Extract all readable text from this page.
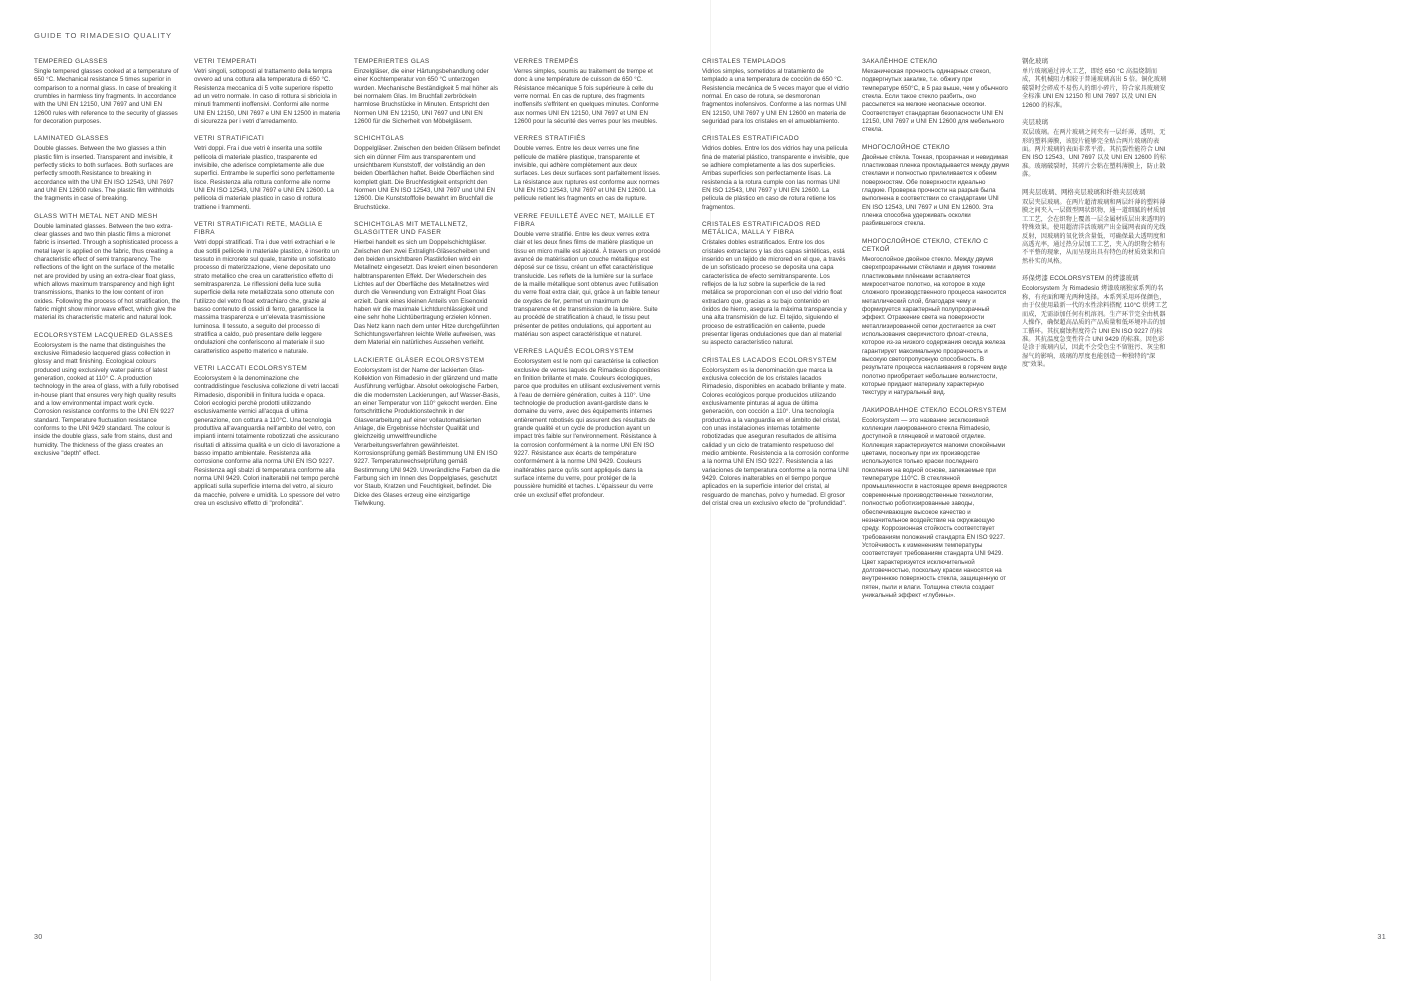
GUIDE TO RIMADESIO QUALITY
TEMPERED GLASSES
Single tempered glasses cooked at a temperature of 650 °C. Mechanical resistance 5 times superior in comparison to a normal glass. In case of breaking it crumbles in harmless tiny fragments. In accordance with the UNI EN 12150, UNI 7697 and UNI EN 12600 rules with reference to the security of glasses for decoration purposes.
LAMINATED GLASSES
Double glasses. Between the two glasses a thin plastic film is inserted. Transparent and invisible, it perfectly sticks to both surfaces. Both surfaces are perfectly smooth.Resistance to breaking in accordance with the UNI EN ISO 12543, UNI 7697 and UNI EN 12600 rules. The plastic film withholds the fragments in case of breaking.
GLASS WITH METAL NET AND MESH
Double laminated glasses. Between the two extra-clear glasses and two thin plastic films a micronet fabric is inserted. Through a sophisticated process a metal layer is applied on the fabric, thus creating a characteristic effect of semi transparency. The reflections of the light on the surface of the metallic net are provided by using an extra-clear float glass, which allows maximum transparency and high light transmissions, thanks to the low content of iron oxides. Following the process of hot stratification, the fabric might show minor wave effect, which give the material its characteristic materic and natural look.
ECOLORSYSTEM LACQUERED GLASSES
Ecolorsystem is the name that distinguishes the exclusive Rimadesio lacquered glass collection in glossy and matt finishing. Ecological colours produced using exclusively water paints of latest generation, cooked at 110° C. A production technology in the area of glass, with a fully robotised in-house plant that ensures very high quality results and a low environmental impact work cycle. Corrosion resistance conforms to the UNI EN 9227 standard. Temperature fluctuation resistance conforms to the UNI 9429 standard. The colour is inside the double glass, safe from stains, dust and humidity. The thickness of the glass creates an exclusive "depth" effect.
VETRI TEMPERATI
Vetri singoli, sottoposti al trattamento della tempra ovvero ad una cottura alla temperatura di 650 °C. Resistenza meccanica di 5 volte superiore rispetto ad un vetro normale. In caso di rottura si sbriciola in minuti frammenti inoffensivi. Conformi alle norme UNI EN 12150, UNI 7697 e UNI EN 12500 in materia di sicurezza per i vetri d'arredamento.
VETRI STRATIFICATI
Vetri doppi. Fra i due vetri è inserita una sottile pellicola di materiale plastico, trasparente ed invisibile, che aderisce completamente alle due superfici. Entrambe le superfici sono perfettamente lisce. Resistenza alla rottura conforme alle norme UNI EN ISO 12543, UNI 7697 e UNI EN 12600. La pellicola di materiale plastico in caso di rottura trattiene i frammenti.
VETRI STRATIFICATI RETE, MAGLIA E FIBRA
Vetri doppi stratificati. Tra i due vetri extrachiari e le due sottili pellicole in materiale plastico, è inserito un tessuto in microrete sul quale, tramite un sofisticato processo di materizzazione, viene depositato uno strato metallico che crea un caratteristico effetto di semitrasparenza. Le riflessioni della luce sulla superficie della rete metallizzata sono ottenute con l'utilizzo del vetro float extrachiaro che, grazie al basso contenuto di ossidi di ferro, garantisce la massima trasparenza e un'elevata trasmissione luminosa. Il tessuto, a seguito del processo di stratifica a caldo, può presentare delle leggere ondulazioni che conferiscono al materiale il suo caratteristico aspetto materico e naturale.
VETRI LACCATI ECOLORSYSTEM
Ecolorsystem è la denominazione che contraddistingue l'esclusiva collezione di vetri laccati Rimadesio, disponibili in finitura lucida e opaca. Colori ecologici perchè prodotti utilizzando esclusivamente vernici all'acqua di ultima generazione, con cottura a 110°C. Una tecnologia produttiva all'avanguardia nell'ambito del vetro, con impianti interni totalmente robotizzati che assicurano risultati di altissima qualità e un ciclo di lavorazione a basso impatto ambientale. Resistenza alla corrosione conforme alla norma UNI EN ISO 9227. Resistenza agli sbalzi di temperatura conforme alla norma UNI 9429. Colori inalterabili nel tempo perchè applicati sulla superficie interna del vetro, al sicuro da macchie, polvere e umidità. Lo spessore del vetro crea un esclusivo effetto di "profondità".
TEMPERIERTES GLAS
Einzelgläser, die einer Härtungsbehandlung oder einer Kochtemperatur von 650 °C unterzogen wurden. Mechanische Beständigkeit 5 mal höher als bei normalem Glas. Im Bruchfall zerbröckeln harmlose Bruchstücke in Minuten. Entspricht den Normen UNI EN 12150, UNI 7697 und UNI EN 12600 für die Sicherheit von Möbelgläsern.
SCHICHTGLAS
Doppelgläser. Zwischen den beiden Gläsern befindet sich ein dünner Film aus transparentem und unsichtbarem Kunststoff, der vollständig an den beiden Oberflächen haftet. Beide Oberflächen sind komplett glatt. Die Bruchfestigkeit entspricht den Normen UNI EN ISO 12543, UNI 7697 und UNI EN 12600. Die Kunststofffolie bewahrt im Bruchfall die Bruchstücke.
SCHICHTGLAS MIT METALLNETZ, GLASGITTER UND FASER
Hierbei handelt es sich um Doppelschichtgläser. Zwischen den zwei Extralight-Gläsescheiben und den beiden unsichtbaren Plastikfolien wird ein Metallnetz eingesetzt. Das kreiert einen besonderen halbtransparenten Effekt. Der Wiederschein des Lichtes auf der Oberfläche des Metallnetzes wird durch die Verwendung von Extralight Float Glas erzielt. Dank eines kleinen Anteils von Eisenoxid haben wir die maximale Lichtdurchlässigkeit und eine sehr hohe Lichtübertragung erzielen können. Das Netz kann nach dem unter Hitze durchgeführten Schichtungsverfahren leichte Welle aufweisen, was dem Material ein natürliches Aussehen verleiht.
LACKIERTE GLÄSER ECOLORSYSTEM
Ecolorsystem ist der Name der lackierten Glas-Kollektion von Rimadesio in der glänzend und matte Ausführung verfügbar. Absolut oekologische Farben, die die modernsten Lackierungen, auf Wasser-Basis, an einer Temperatur von 110° gekocht werden. Eine fortschrittliche Produktionstechnik in der Glasverarbeitung auf einer vollautomatisierten Anlage, die Ergebnisse höchster Qualität und gleichzeitig umweltfreundliche Verarbeitungsverfahren gewährleistet. Korrosionsprüfung gemäß Bestimmung UNI EN ISO 9227. Temperaturwechselprüfung gemäß Bestimmung UNI 9429. Unverändliche Farben da die Farbung sich im Innen des Doppelglases, geschutzt vor Staub, Kratzen und Feuchtigkeit, befindet. Die Dicke des Glases erzeug eine einzigartige Tiefwikung.
VERRES TREMPÉS
Verres simples, soumis au traitement de trempe et donc à une température de cuisson de 650 °C. Résistance mécanique 5 fois supérieure à celle du verre normal. En cas de rupture, des fragments inoffensifs s'effritent en quelques minutes. Conforme aux normes UNI EN 12150, UNI 7697 et UNI EN 12600 pour la sécurité des verres pour les meubles.
VERRES STRATIFIÉS
Double verres. Entre les deux verres une fine pellicule de matière plastique, transparente et invisible, qui adhère complètement aux deux surfaces. Les deux surfaces sont parfaitement lisses. La résistance aux ruptures est conforme aux normes UNI EN ISO 12543, UNI 7697 et UNI EN 12600. La pellicule retient les fragments en cas de rupture.
VERRE FEUILLETÉ AVEC NET, MAILLE ET FIBRA
Double verre stratifié. Entre les deux verres extra clair et les deux fines films de matière plastique un tissu en micro maille est ajouté. À travers un procédé avancé de matérisation un couche métallique est déposé sur ce tissu, créant un effet caractéristique translucide. Les reflets de la lumière sur la surface de la maille métallique sont obtenus avec l'utilisation du verre float extra clair, qui, grâce à un faible teneur de oxydes de fer, permet un maximum de transparence et de transmission de la lumière. Suite au procédé de stratification à chaud, le tissu peut présenter de petites ondulations, qui apportent au matériau son aspect caractéristique et naturel.
VERRES LAQUÉS ECOLORSYSTEM
Ecolorsystem est le nom qui caractérise la collection exclusive de verres laqués de Rimadesio disponibles en finition brillante et mate. Couleurs écologiques, parce que produites en utilisant exclusivement vernis à l'eau de dernière génération, cuites à 110°. Une technologie de production avant-gardiste dans le domaine du verre, avec des équipements internes entièrement robotisés qui assurent des résultats de grande qualité et un cycle de production ayant un impact très faible sur l'environnement. Résistance à la corrosion conformément à la norme UNI EN ISO 9227. Résistance aux écarts de température conformément à la norme UNI 9429. Couleurs inaltérables parce qu'ils sont appliqués dans la surface interne du verre, pour protéger de la poussière humidité et taches. L'épaisseur du verre crée un exclusif effet profondeur.
CRISTALES TEMPLADOS
Vidrios simples, sometidos al tratamiento de templado a una temperatura de cocción de 650 °C. Resistencia mecánica de 5 veces mayor que el vidrio normal. En caso de rotura, se desmoronan fragmentos inofensivos. Conforme a las normas UNI EN 12150, UNI 7697 y UNI EN 12600 en materia de seguridad para los cristales en el amueblamiento.
CRISTALES ESTRATIFICADO
Vidrios dobles. Entre los dos vidrios hay una película fina de material plástico, transparente e invisible, que se adhiere completamente a las dos superficies. Ambas superficies son perfectamente lisas. La resistencia a la rotura cumple con las normas UNI EN ISO 12543, UNI 7697 y UNI EN 12600. La película de plástico en caso de rotura retiene los fragmentos.
CRISTALES ESTRATIFICADOS RED METÁLICA, MALLA Y FIBRA
Cristales dobles estratificados. Entre los dos cristales extraclaros y las dos capas sintéticas, está inserido en un tejido de microred en el que, a través de un sofisticado proceso se deposita una capa característica de efecto semitransparente. Los reflejos de la luz sobre la superficie de la red metálica se proporcionan con el uso del vidrio float extraclaro que, gracias a su bajo contenido en óxidos de hierro, asegura la máxima transparencia y una alta transmisión de luz. El tejido, siguiendo el proceso de estratificación en caliente, puede presentar ligeras ondulaciones que dan al material su aspecto característico natural.
CRISTALES LACADOS ECOLORSYSTEM
Ecolorsystem es la denominación que marca la exclusiva colección de los cristales lacados Rimadesio, disponibles en acabado brillante y mate. Colores ecológicos porque producidos utilizando exclusivamente pinturas al agua de última generación, con cocción a 110°. Una tecnología productiva a la vanguardia en el ámbito del cristal, con unas instalaciones internas totalmente robotizadas que aseguran resultados de altísima calidad y un ciclo de tratamiento respetuoso del medio ambiente. Resistencia a la corrosión conforme a la norma UNI EN ISO 9227. Resistencia a las variaciones de temperatura conforme a la norma UNI 9429. Colores inalterables en el tiempo porque aplicados en la superficie interior del cristal, al resguardo de manchas, polvo y humedad. El grosor del cristal crea un exclusivo efecto de "profundidad".
ЗАКАЛЁННОЕ СТЕКЛО
Механическая прочность одинарных стекол, подвергнутых закалке, т.е. обжигу при температуре 650°C, в 5 раз выше, чем у обычного стекла. Если такое стекло разбить, оно рассыпется на мелкие неопасные осколки. Соответствует стандартам безопасности UNI EN 12150, UNI 7697 и UNI EN 12600 для мебельного стекла.
МНОГОСЛОЙНОЕ СТЕКЛО
Двойные стёкла. Тонкая, прозрачная и невидимая пластиковая пленка прокладывается между двумя стеклами и полностью прилеливается к обеим поверхностям. Обе поверхности идеально гладкие. Проверка прочности на разрыв была выполнена в соответствии со стандартами UNI EN ISO 12543, UNI 7697 и UNI EN 12600. Эта пленка способна удерживать осколки разбившегося стекла.
МНОГОСЛОЙНОЕ СТЕКЛО, СТЕКЛО С СЕТКОЙ
Многослойное двойное стекло. Между двумя сверхпрозрачными стёклами и двумя тонкими пластиковыми плёнками вставляется микросетчатое полотно, на которое в ходе сложного производственного процесса наносится металлический слой, благодаря чему и формируется характерный полупрозрачный эффект. Отражение света на поверхности металлизированной сетки достигается за счет использования сверхчистого флоат-стекла, которое из-за низкого содержания оксида железа гарантирует максимальную прозрачность и высокую светопропускную способность. В результате процесса наслаивания в горячем виде полотно приобретает небольшие волнистости, которые придают материалу характерную текстуру и натуральный вид.
ЛАКИРОВАННОЕ СТЕКЛО ECOLORSYSTEM
Ecolorsystem — это название эксклюзивной коллекции лакированного стекла Rimadesio, доступной в глянцевой и матовой отделке. Коллекция характеризуется магкими спокойными цветами, поскольку при их производстве используются только краски последнего поколения на водной основе, запекаемые при температуре 110°C. В стеклянной промышленности в настоящее время внедряются современные производственные технологии, полностью роботизированные заводы, обеспечивающие высокое качество и незначительное воздействие на окружающую среду. Коррозионная стойкость соответствует требованиям положений стандарта EN ISO 9227. Устойчивость к изменениям температуры соответствует требованиям стандарта UNI 9429. Цвет характеризуется исключительной долговечностью, поскольку краски наносятся на внутреннюю поверхность стекла, защищенную от пятен, пыли и влаги. Толщина стекла создает уникальный эффект «глубины».
钢化玻璃
单片玻璃通过淬火工艺，即经 650 °C 高温烧制而成，其机械阻力相较于普通玻璃高出 5 倍。铜化玻璃破裂时会碎成不易伤人的细小碎片，符合家具玻璃安全标准 UNI EN 12150 和 UNI 7697 以及 UNI EN 12600 的标准。
夹层玻璃
双层玻璃。在两片玻璃之间夹有一层纤薄、透明、无形的塑料薄膜，该胶片能够完全贴合两片玻璃的表面。两片玻璃的表面非常平滑。其抗裂性能符合 UNI EN ISO 12543、UNI 7697 以及 UNI EN 12600 的标准。玻璃破裂时，其碎片会粘在塑料薄膜上，防止散落。
网夹层玻璃、网格夹层玻璃和纤维夹层玻璃
双层夹层玻璃。在两片超清玻璃和两层纤薄的塑料薄膜之间夹入一层微型网状织物，通一道细腻的材质加工工艺，会在织物上覆盖一层金属材质层出来透明的特殊效果。使用超清洋活玻璃产出金属网表面的光线反射，因玻璃的氧化铁含量低，可确保最大透明度和高透光率，通过热分层加工工艺，夹入的织物会稍有不平整的现象，从而呈现出具有特色的材质效果和自然朴实的风格。
环保烤漆 ECOLORSYSTEM 的烤漆玻璃
Ecolorsystem 为 Rimadesio 烤漆玻璃独家系列的名称，有亮面和哑光两种选择。本系列采用环保颜色，由于仅使用最新一代的水性涂料搭配 110°C 烘烤工艺而成，无需添加任何有机溶剂。生产环节完全由机器人操作，确保超高品质的产品质量和低环境冲击的加工循环。其抗腐蚀程度符合 UNI EN ISO 9227 的标准。其抗温度急变性符合 UNI 9429 的标准。因色彩是涂于玻璃内层，因此不会受色尘不留脏污、灰尘和湿气的影响，玻璃的厚度也能创造一种独特的"深度"效果。
30	31
